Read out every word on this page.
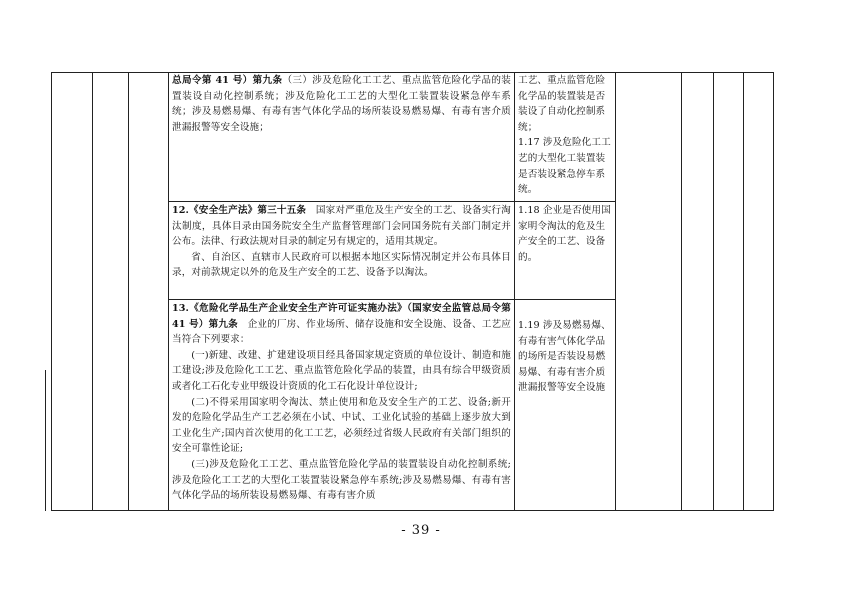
总局令第 41 号）第九条（三）涉及危险化工工艺、重点监管危险化学品的装置装设自动化控制系统；涉及危险化工工艺的大型化工装置装设紧急停车系统；涉及易燃易爆、有毒有害气体化学品的场所装设易燃易爆、有毒有害介质泄漏报警等安全设施；

工艺、重点监管危险化学品的装置装是否装设了自动化控制系统；

1.17 涉及危险化工工艺的大型化工装置装是否装设紧急停车系统。

12.《安全生产法》第三十五条　国家对严重危及生产安全的工艺、设备实行淘汰制度，具体目录由国务院安全生产监督管理部门会同国务院有关部门制定并公布。法律、行政法规对目录的制定另有规定的，适用其规定。

省、自治区、直辖市人民政府可以根据本地区实际情况制定并公布具体目录，对前款规定以外的危及生产安全的工艺、设备予以淘汰。

1.18 企业是否使用国家明令淘汰的危及生产安全的工艺、设备的。

13.《危险化学品生产企业安全生产许可证实施办法》（国家安全监管总局令第 41 号）第九条　企业的厂房、作业场所、储存设施和安全设施、设备、工艺应当符合下列要求：

(一)新建、改建、扩建建设项目经具备国家规定资质的单位设计、制造和施工建设;涉及危险化工工艺、重点监管危险化学品的装置，由具有综合甲级资质或者化工石化专业甲级设计资质的化工石化设计单位设计;

(二)不得采用国家明令淘汰、禁止使用和危及安全生产的工艺、设备;新开发的危险化学品生产工艺必须在小试、中试、工业化试验的基础上逐步放大到工业化生产;国内首次使用的化工工艺，必须经过省级人民政府有关部门组织的安全可靠性论证;

(三)涉及危险化工工艺、重点监管危险化学品的装置装设自动化控制系统;涉及危险化工工艺的大型化工装置装设紧急停车系统;涉及易燃易爆、有毒有害气体化学品的场所装设易燃易爆、有毒有害介质

1.19 涉及易燃易爆、有毒有害气体化学品的场所是否装设易燃易爆、有毒有害介质泄漏报警等安全设施

- 39 -
